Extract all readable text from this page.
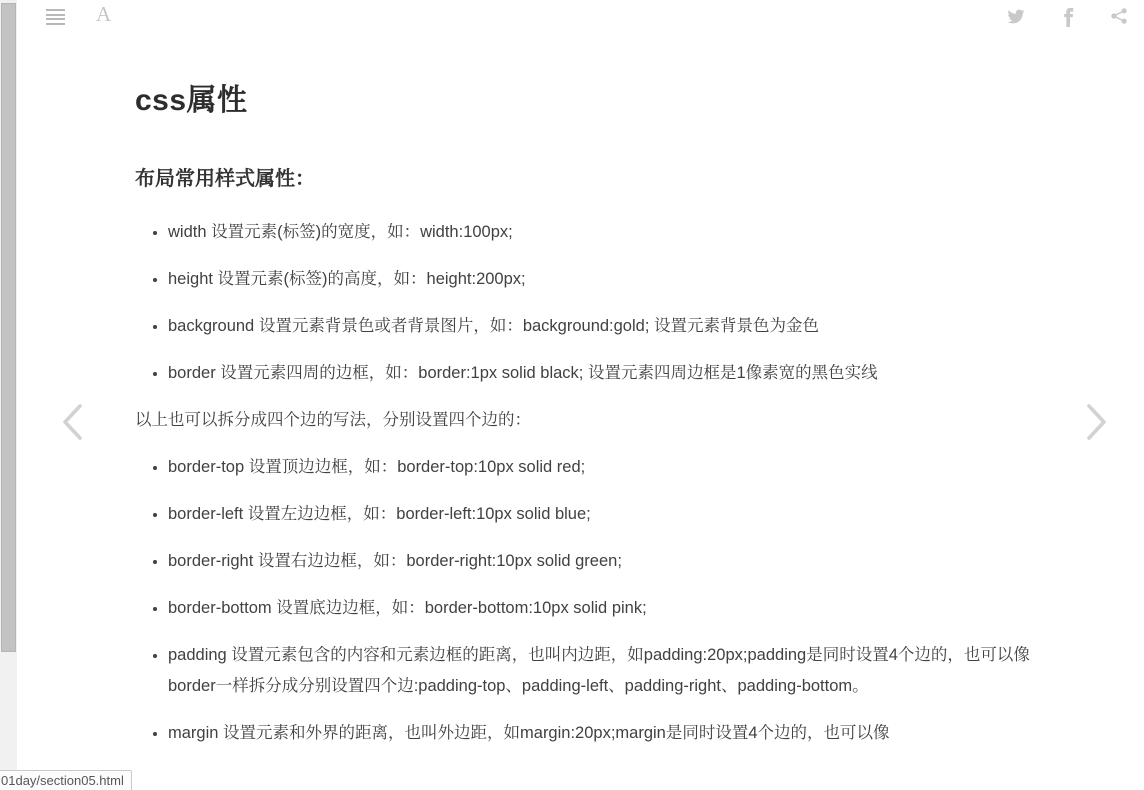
A

css属性
布局常用样式属性：
• width 设置元素(标签)的宽度，如：width:100px;
• height 设置元素(标签)的高度，如：height:200px;
• background 设置元素背景色或者背景图片，如：background:gold; 设置元素背景色为金色
• border 设置元素四周的边框，如：border:1px solid black; 设置元素四周边框是1像素宽的黑色实线

以上也可以拆分成四个边的写法，分别设置四个边的：

• border-top 设置顶边边框，如：border-top:10px solid red;
• border-left 设置左边边框，如：border-left:10px solid blue;
• border-right 设置右边边框，如：border-right:10px solid green;
• border-bottom 设置底边边框，如：border-bottom:10px solid pink;
• padding 设置元素包含的内容和元素边框的距离，也叫内边距，如padding:20px;padding是同时设置4个边的，也可以像border一样拆分成分别设置四个边:padding-top、padding-left、padding-right、padding-bottom。
• margin 设置元素和外界的距离，也叫外边距，如margin:20px;margin是同时设置4个边的，也可以像
01day/section05.html
